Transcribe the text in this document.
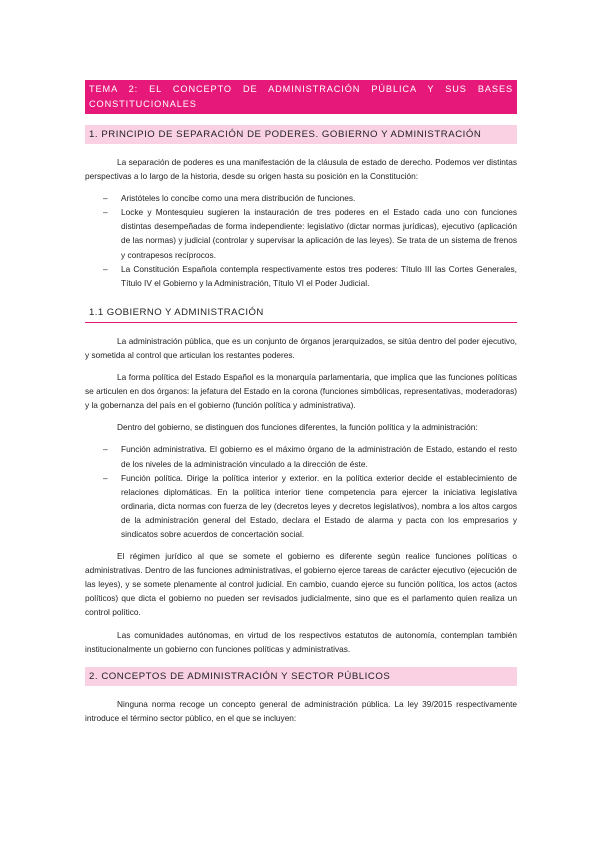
TEMA 2: EL CONCEPTO DE ADMINISTRACIÓN PÚBLICA Y SUS BASES CONSTITUCIONALES
1. PRINCIPIO DE SEPARACIÓN DE PODERES. GOBIERNO Y ADMINISTRACIÓN

La separación de poderes es una manifestación de la cláusula de estado de derecho. Podemos ver distintas perspectivas a lo largo de la historia, desde su origen hasta su posición en la Constitución:

– Aristóteles lo concibe como una mera distribución de funciones.
– Locke y Montesquieu sugieren la instauración de tres poderes en el Estado cada uno con funciones distintas desempeñadas de forma independiente: legislativo (dictar normas jurídicas), ejecutivo (aplicación de las normas) y judicial (controlar y supervisar la aplicación de las leyes). Se trata de un sistema de frenos y contrapesos recíprocos.
– La Constitución Española contempla respectivamente estos tres poderes: Título III las Cortes Generales, Título IV el Gobierno y la Administración, Título VI el Poder Judicial.
1.1 GOBIERNO Y ADMINISTRACIÓN

La administración pública, que es un conjunto de órganos jerarquizados, se sitúa dentro del poder ejecutivo, y sometida al control que articulan los restantes poderes.

La forma política del Estado Español es la monarquía parlamentaria, que implica que las funciones políticas se articulen en dos órganos: la jefatura del Estado en la corona (funciones simbólicas, representativas, moderadoras) y la gobernanza del país en el gobierno (función política y administrativa).

Dentro del gobierno, se distinguen dos funciones diferentes, la función política y la administración:

– Función administrativa. El gobierno es el máximo órgano de la administración de Estado, estando el resto de los niveles de la administración vinculado a la dirección de éste.
– Función política. Dirige la política interior y exterior. en la política exterior decide el establecimiento de relaciones diplomáticas. En la política interior tiene competencia para ejercer la iniciativa legislativa ordinaria, dicta normas con fuerza de ley (decretos leyes y decretos legislativos), nombra a los altos cargos de la administración general del Estado, declara el Estado de alarma y pacta con los empresarios y sindicatos sobre acuerdos de concertación social.

El régimen jurídico al que se somete el gobierno es diferente según realice funciones políticas o administrativas. Dentro de las funciones administrativas, el gobierno ejerce tareas de carácter ejecutivo (ejecución de las leyes), y se somete plenamente al control judicial. En cambio, cuando ejerce su función política, los actos (actos políticos) que dicta el gobierno no pueden ser revisados judicialmente, sino que es el parlamento quien realiza un control político.

Las comunidades autónomas, en virtud de los respectivos estatutos de autonomía, contemplan también institucionalmente un gobierno con funciones políticas y administrativas.

2. CONCEPTOS DE ADMINISTRACIÓN Y SECTOR PÚBLICOS

Ninguna norma recoge un concepto general de administración pública. La ley 39/2015 respectivamente introduce el término sector público, en el que se incluyen:
